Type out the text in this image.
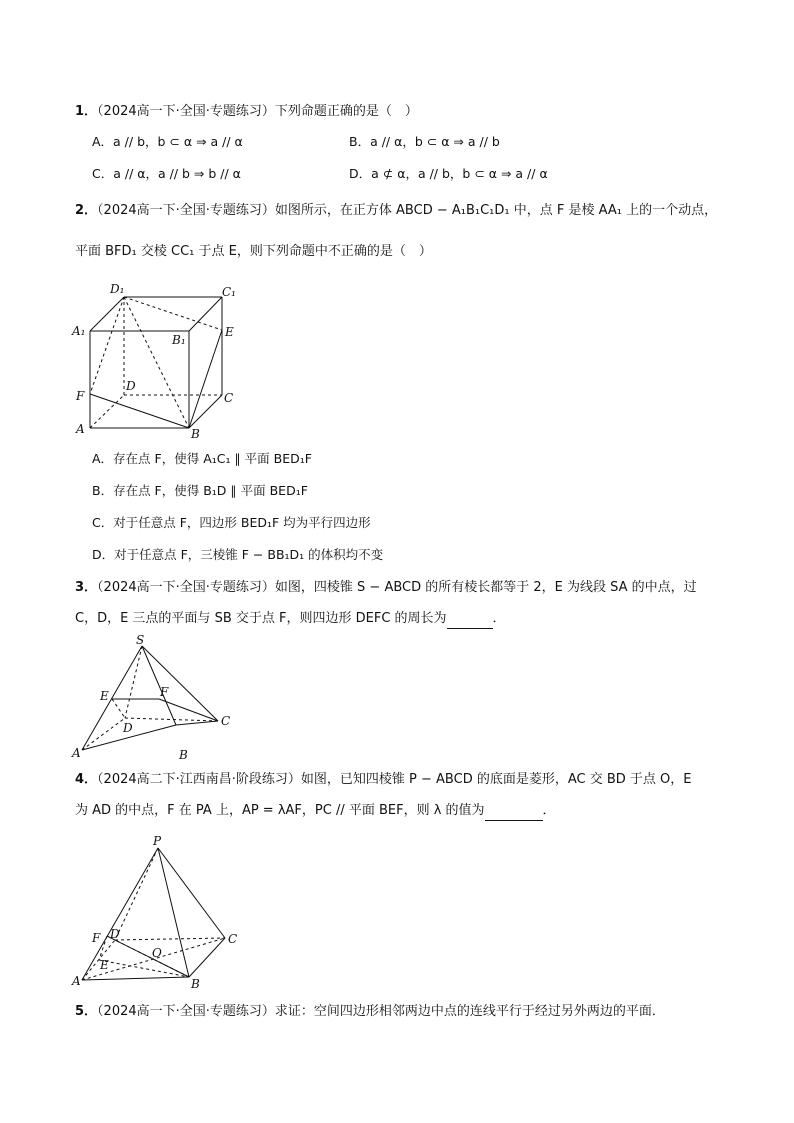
1．（2024高一下·全国·专题练习）下列命题正确的是（　）
A．a // b，b ⊂ α ⇒ a // α	B．a // α，b ⊂ α ⇒ a // b
C．a // α，a // b ⇒ b // α	D．a ⊄ α，a // b，b ⊂ α ⇒ a // α
2．（2024高一下·全国·专题练习）如图所示，在正方体 ABCD − A₁B₁C₁D₁ 中，点 F 是棱 AA₁ 上的一个动点，
平面 BFD₁ 交棱 CC₁ 于点 E，则下列命题中不正确的是（　）
D₁	C₁
A₁
B₁
E
D
F	C
A	B
A．存在点 F，使得 A₁C₁ ∥ 平面 BED₁F
B．存在点 F，使得 B₁D ∥ 平面 BED₁F
C．对于任意点 F，四边形 BED₁F 均为平行四边形
D．对于任意点 F，三棱锥 F − BB₁D₁ 的体积均不变
3．（2024高一下·全国·专题练习）如图，四棱锥 S − ABCD 的所有棱长都等于 2，E 为线段 SA 的中点，过
C，D，E 三点的平面与 SB 交于点 F，则四边形 DEFC 的周长为	．
S
E	F
D	C
A	B
4．（2024高二下·江西南昌·阶段练习）如图，已知四棱锥 P − ABCD 的底面是菱形，AC 交 BD 于点 O，E
为 AD 的中点，F 在 PA 上，AP = λAF，PC // 平面 BEF，则 λ 的值为	．
P
F D	C
O
E
A	B
5．（2024高一下·全国·专题练习）求证：空间四边形相邻两边中点的连线平行于经过另外两边的平面．
